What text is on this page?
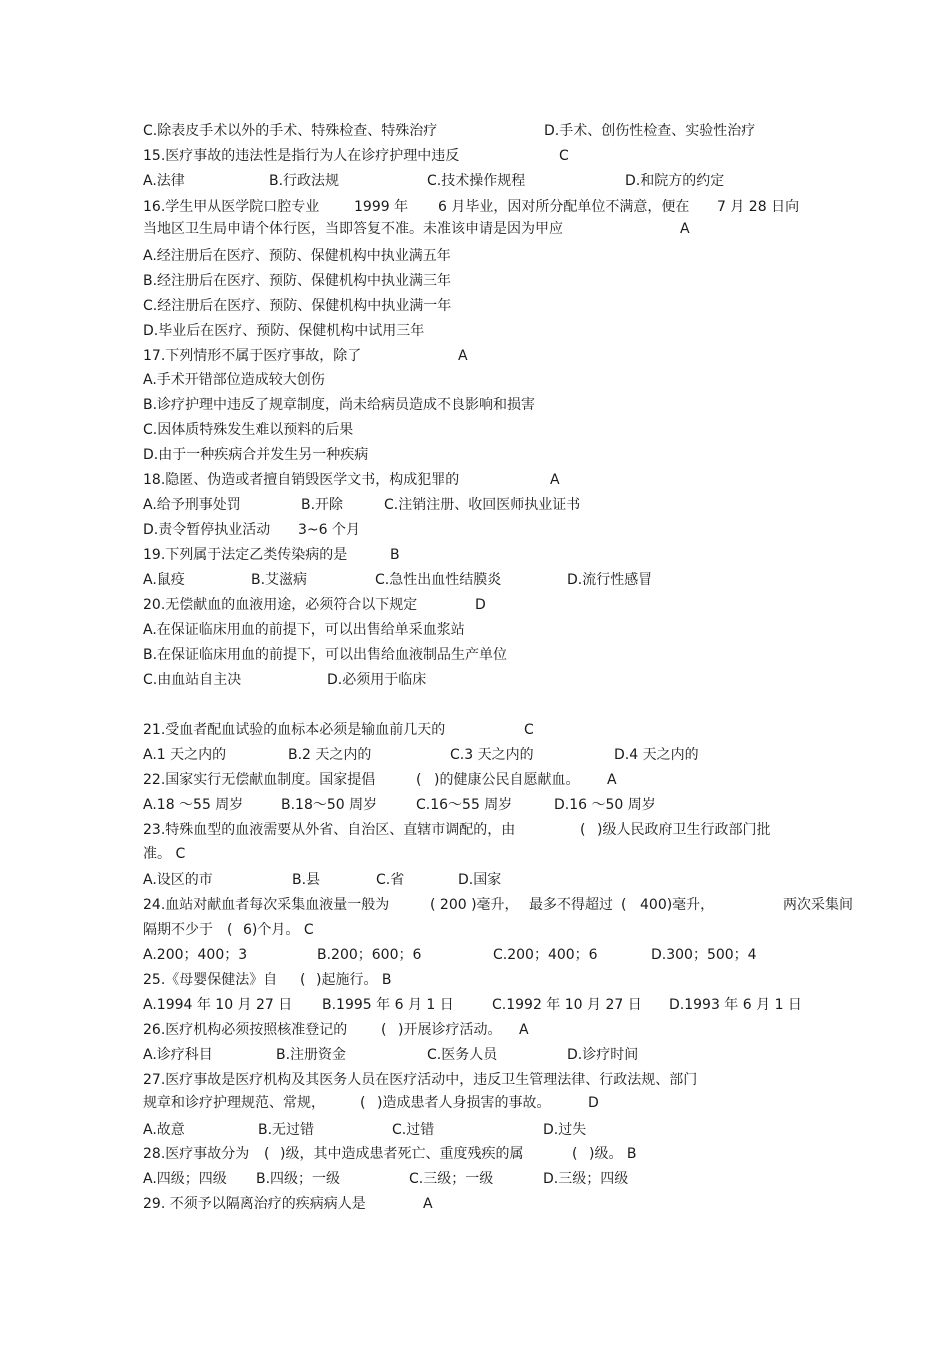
C.除表皮手术以外的手术、特殊检查、特殊治疗	D.手术、创伤性检查、实验性治疗
15.医疗事故的违法性是指行为人在诊疗护理中违反	C
A.法律	B.行政法规	C.技术操作规程	D.和院方的约定
16.学生甲从医学院口腔专业 1999 年 6 月毕业，因对所分配单位不满意，便在 7 月 28 日向
当地区卫生局申请个体行医，当即答复不准。未准该申请是因为甲应	A
A.经注册后在医疗、预防、保健机构中执业满五年
B.经注册后在医疗、预防、保健机构中执业满三年
C.经注册后在医疗、预防、保健机构中执业满一年
D.毕业后在医疗、预防、保健机构中试用三年
17.下列情形不属于医疗事故，除了	A
A.手术开错部位造成较大创伤
B.诊疗护理中违反了规章制度，尚未给病员造成不良影响和损害
C.因体质特殊发生难以预料的后果
D.由于一种疾病合并发生另一种疾病
18.隐匿、伪造或者擅自销毁医学文书，构成犯罪的	A
A.给予刑事处罚	B.开除	C.注销注册、收回医师执业证书
D.责令暂停执业活动 3~6 个月
19.下列属于法定乙类传染病的是	B
A.鼠疫	B.艾滋病	C.急性出血性结膜炎	D.流行性感冒
20.无偿献血的血液用途，必须符合以下规定	D
A.在保证临床用血的前提下，可以出售给单采血浆站
B.在保证临床用血的前提下，可以出售给血液制品生产单位
C.由血站自主决	D.必须用于临床
21.受血者配血试验的血标本必须是输血前几天的	C
A.1 天之内的	B.2 天之内的	C.3 天之内的	D.4 天之内的
22.国家实行无偿献血制度。国家提倡	( )的健康公民自愿献血。 A
A.18 ～55 周岁	B.18～50 周岁	C.16～55 周岁	D.16 ～50 周岁
23.特殊血型的血液需要从外省、自治区、直辖市调配的，由	( )级人民政府卫生行政部门批
准。 C
A.设区的市	B.县	C.省	D.国家
24.血站对献血者每次采集血液量一般为	( 200 )毫升， 最多不得超过 ( 400)毫升，	两次采集间
隔期不少于 ( 6)个月。 C
A.200；400；3	B.200；600；6	C.200；400；6	D.300；500；4
25.《母婴保健法》自 ( )起施行。 B
A.1994 年 10 月 27 日 B.1995 年 6 月 1 日	C.1992 年 10 月 27 日 D.1993 年 6 月 1 日
26.医疗机构必须按照核准登记的 ( )开展诊疗活动。 A
A.诊疗科目	B.注册资金	C.医务人员	D.诊疗时间
27.医疗事故是医疗机构及其医务人员在医疗活动中，违反卫生管理法律、行政法规、部门
规章和诊疗护理规范、常规，	( )造成患者人身损害的事故。	D
A.故意	B.无过错	C.过错	D.过失
28.医疗事故分为 ( )级，其中造成患者死亡、重度残疾的属	( )级。 B
A.四级；四级 B.四级；一级	C.三级；一级	D.三级；四级
29. 不须予以隔离治疗的疾病病人是	A
